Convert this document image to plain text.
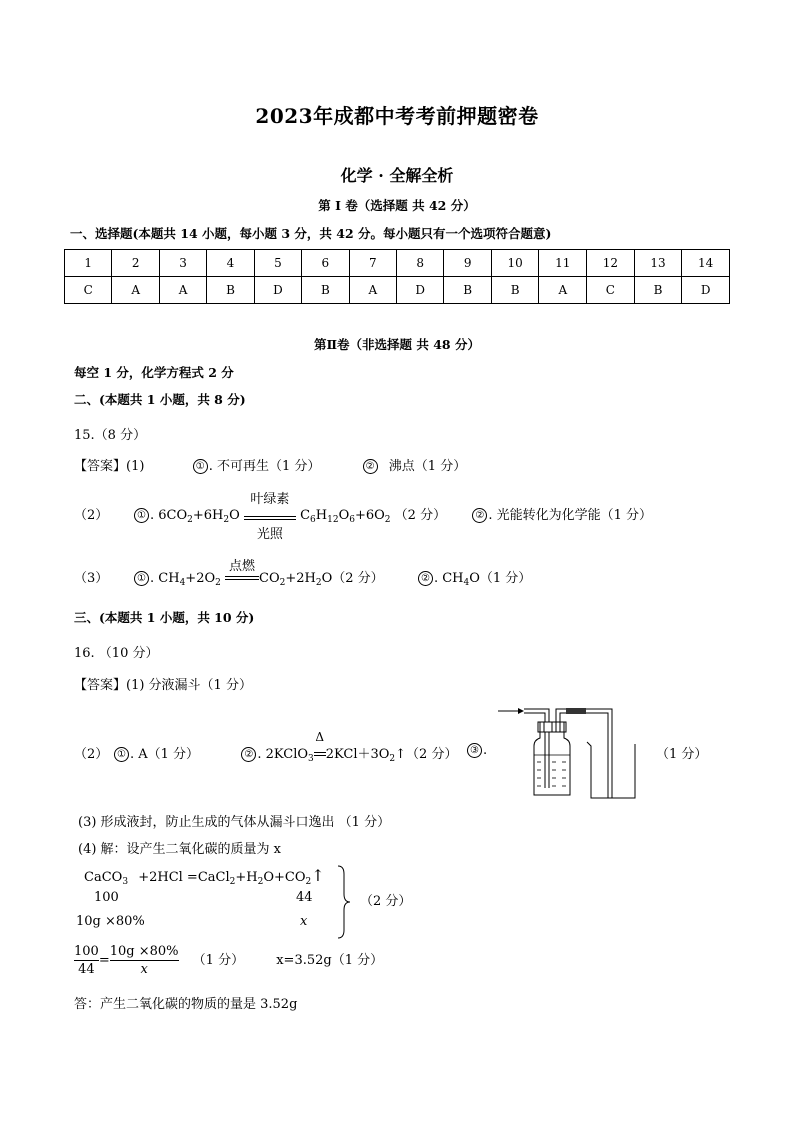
2023年成都中考考前押题密卷
化学 · 全解全析
第 I 卷（选择题 共 42 分）
一、选择题(本题共 14 小题，每小题 3 分，共 42 分。每小题只有一个选项符合题意)
1	2	3	4	5	6	7	8	9	10	11	12	13	14
C	A	A	B	D	B	A	D	B	B	A	C	B	D
第Ⅱ卷（非选择题 共 48 分）
每空 1 分，化学方程式 2 分
二、(本题共 1 小题，共 8 分)
15.（8 分）
【答案】(1)	① . 不可再生（1 分）	② 沸点（1 分）
（2）	① . $6CO_2+6H_2O$
叶绿素
光照
$C_6H_{12}O_6+6O_2$ （2 分）	② . 光能转化为化学能（1 分）
（3）	① . $CH_4+2O_2$
点燃
$CO_2+2H_2O(2$ 分）	② . $CH_4O(1$ 分）
三、(本题共 1 小题，共 10 分)
16. （10 分）
【答案】(1) 分液漏斗（1 分）
（2） ① . A（1 分）	② . 2KClO$_3$
Δ
$2KCl+3O_2↑(2$ 分）	③ .	（1 分）
(3) 形成液封，防止生成的气体从漏斗口逸出 （1 分）
(4) 解：设产生二氧化碳的质量为 x
CaCO$_3$ $+2HCl =CaCl_2+H_2O+CO_2↑$
100	44
10g ×80%	x
（2 分）
$\frac{100}{44} = \frac{10g \times 80\%}{x} (1$ 分） x=3.52g（1 分）
答：产生二氧化碳的物质的量是 3.52g
